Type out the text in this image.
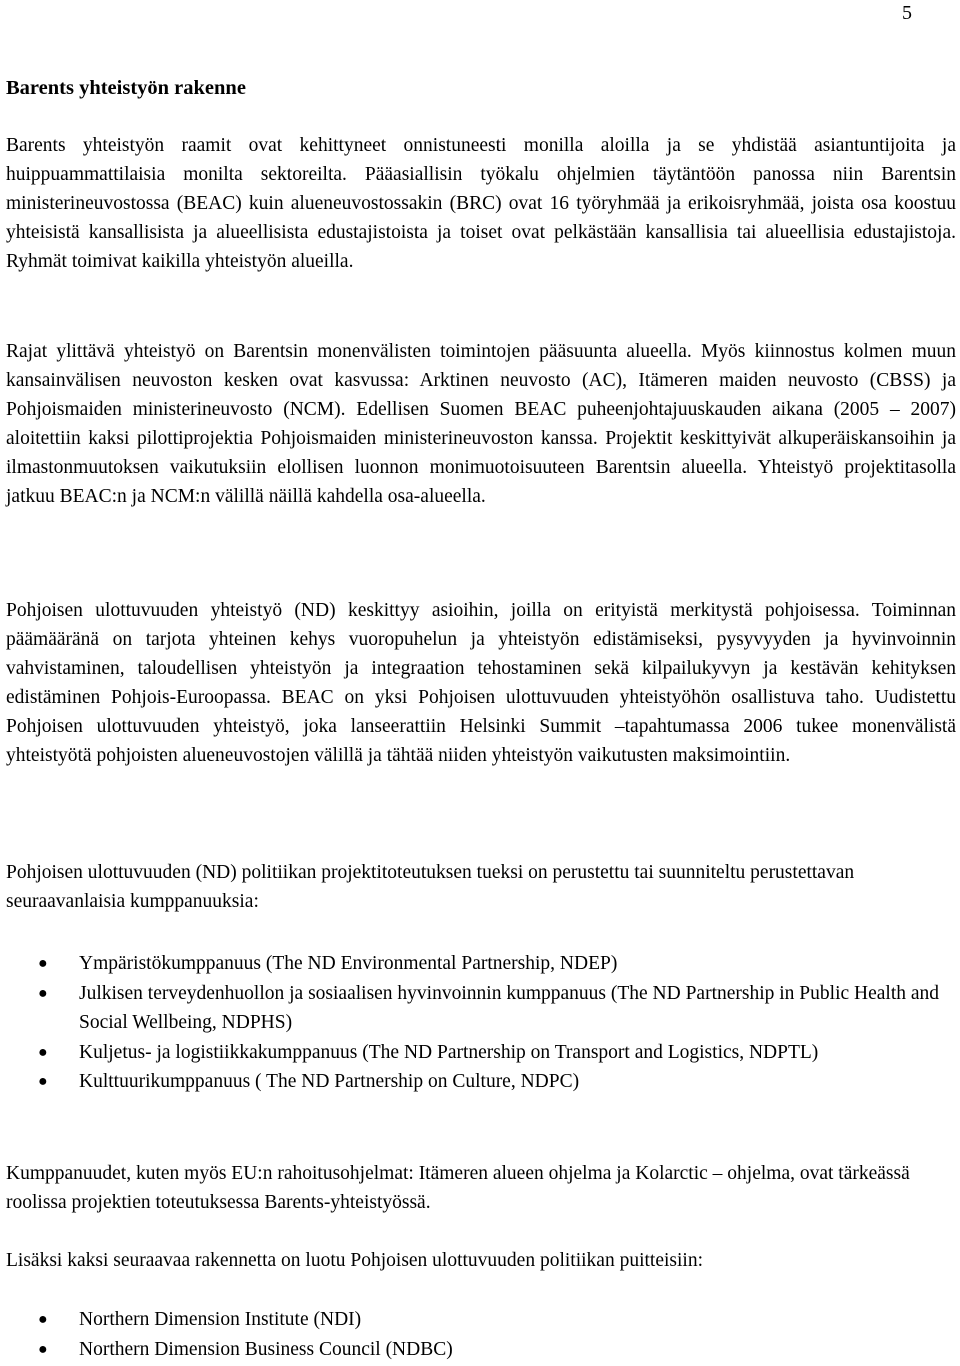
5
Barents yhteistyön rakenne

Barents yhteistyön raamit ovat kehittyneet onnistuneesti monilla aloilla ja se yhdistää asiantuntijoita ja huippuammattilaisia monilta sektoreilta. Pääasiallisin työkalu ohjelmien täytäntöön panossa niin Barentsin ministerineuvostossa (BEAC) kuin alueneuvostossakin (BRC) ovat 16 työryhmää ja erikoisryhmää, joista osa koostuu yhteisistä kansallisista ja alueellisista edustajistoista ja toiset ovat pelkästään kansallisia tai alueellisia edustajistoja. Ryhmät toimivat kaikilla yhteistyön alueilla.

Rajat ylittävä yhteistyö on Barentsin monenvälisten toimintojen pääsuunta alueella. Myös kiinnostus kolmen muun kansainvälisen neuvoston kesken ovat kasvussa: Arktinen neuvosto (AC), Itämeren maiden neuvosto (CBSS) ja Pohjoismaiden ministerineuvosto (NCM). Edellisen Suomen BEAC puheenjohtajuuskauden aikana (2005 – 2007) aloitettiin kaksi pilottiprojektia Pohjoismaiden ministerineuvoston kanssa. Projektit keskittyivät alkuperäiskansoihin ja ilmastonmuutoksen vaikutuksiin elollisen luonnon monimuotoisuuteen Barentsin alueella. Yhteistyö projektitasolla jatkuu BEAC:n ja NCM:n välillä näillä kahdella osa-alueella.

Pohjoisen ulottuvuuden yhteistyö (ND) keskittyy asioihin, joilla on erityistä merkitystä pohjoisessa. Toiminnan päämääränä on tarjota yhteinen kehys vuoropuhelun ja yhteistyön edistämiseksi, pysyvyyden ja hyvinvoinnin vahvistaminen, taloudellisen yhteistyön ja integraation tehostaminen sekä kilpailukyvyn ja kestävän kehityksen edistäminen Pohjois-Euroopassa. BEAC on yksi Pohjoisen ulottuvuuden yhteistyöhön osallistuva taho. Uudistettu Pohjoisen ulottuvuuden yhteistyö, joka lanseerattiin Helsinki Summit –tapahtumassa 2006 tukee monenvälistä yhteistyötä pohjoisten alueneuvostojen välillä ja tähtää niiden yhteistyön vaikutusten maksimointiin.

Pohjoisen ulottuvuuden (ND) politiikan projektitoteutuksen tueksi on perustettu tai suunniteltu perustettavan seuraavanlaisia kumppanuuksia:

● Ympäristökumppanuus (The ND Environmental Partnership, NDEP)
● Julkisen terveydenhuollon ja sosiaalisen hyvinvoinnin kumppanuus (The ND Partnership in Public Health and Social Wellbeing, NDPHS)
● Kuljetus- ja logistiikkakumppanuus (The ND Partnership on Transport and Logistics, NDPTL)
● Kulttuurikumppanuus ( The ND Partnership on Culture, NDPC)

Kumppanuudet, kuten myös EU:n rahoitusohjelmat: Itämeren alueen ohjelma ja Kolarctic – ohjelma, ovat tärkeässä roolissa projektien toteutuksessa Barents-yhteistyössä.

Lisäksi kaksi seuraavaa rakennetta on luotu Pohjoisen ulottuvuuden politiikan puitteisiin:

● Northern Dimension Institute (NDI)
● Northern Dimension Business Council (NDBC)
